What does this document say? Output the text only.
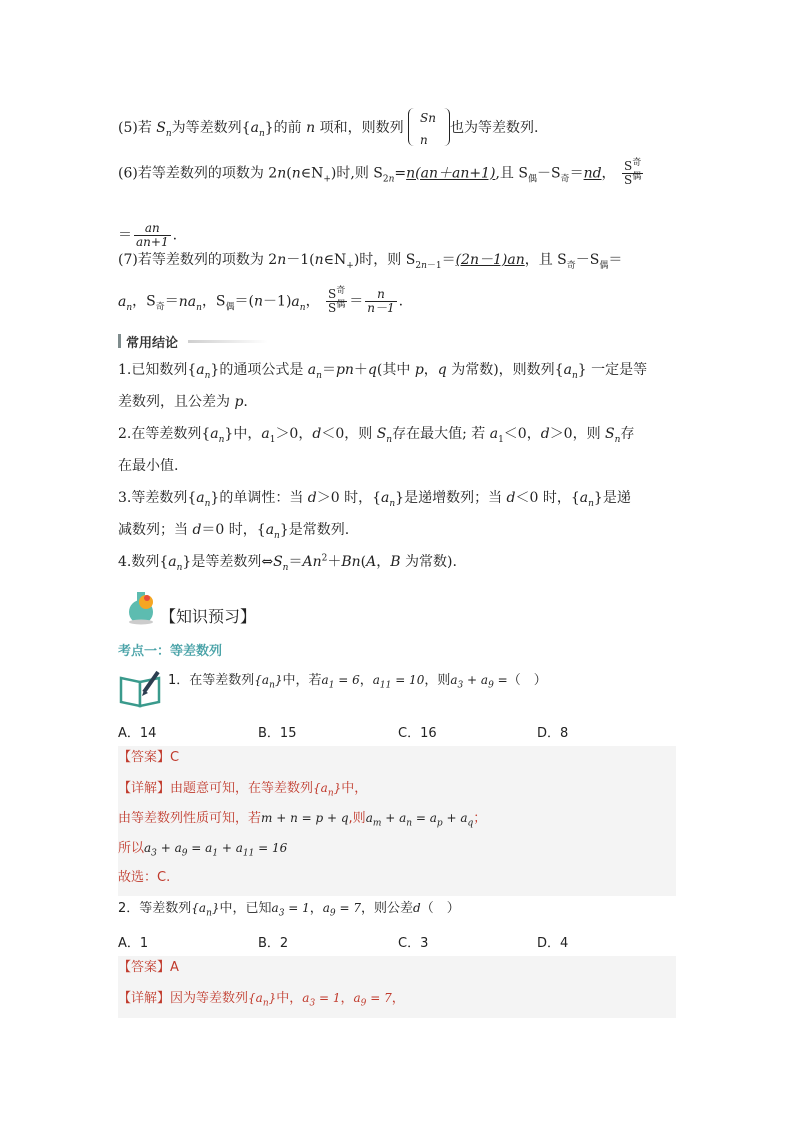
(5)若 $S_n$为等差数列$\{a_n\}$的前 n 项和，则数列
Sn
n
也为等差数列.
(6)若等差数列的项数为 $2n(n\in N_+)$时,则 $S_{2n}=n(an+an+1)$,且 $S_偶-S_奇=nd$， $\frac{S^奇}{S^偶}$
＝ $\frac{an}{an+1}$ .
(7)若等差数列的项数为 $2n-1(n\in N_+)$时，则 $S_{2n-1}=(2n-1)an$，且 $S_奇-S_偶=$
$a_n$，$S_奇=na_n$，$S_偶=(n-1)a_n$， $\frac{S^奇}{S^偶} = \frac{n}{n-1}$ .
常用结论
1.已知数列$\{a_n\}$的通项公式是 $a_n=pn+q$(其中 p，q 为常数)，则数列$\{a_n\}$ 一定是等
差数列，且公差为 p.
2.在等差数列$\{a_n\}$中，$a_1>0$，d＜0，则 $S_n$存在最大值; 若 $a_1<0$，d＞0，则 $S_n$存
在最小值.
3.等差数列$\{a_n\}$的单调性：当 d＞0 时，$\{a_n\}$是递增数列；当 d＜0 时，$\{a_n\}$是递
减数列；当 d＝0 时，$\{a_n\}$是常数列.
4.数列$\{a_n\}$是等差数列$\Leftrightarrow S_n=An^2+Bn(A$，B 为常数).
【知识预习】
考点一：等差数列
1．在等差数列$\{a_n\}$中，若$a_1 = 6$，$a_{11} = 10$，则$a_3 + a_9$ =（　）
A．14	B．15	C．16	D．8
【答案】C
【详解】由题意可知，在等差数列$\{a_n\}$中，
由等差数列性质可知，若m + n = p + q,则$a_m + a_n = a_p + a_q$；
所以$a_3 + a_9 = a_1 + a_{11} = 16$
故选：C.
2．等差数列$\{a_n\}$中，已知$a_3 = 1$，$a_9 = 7$，则公差d（　）
A．1	B．2	C．3	D．4
【答案】A
【详解】因为等差数列$\{a_n\}$中，$a_3 = 1$，$a_9 = 7$，
